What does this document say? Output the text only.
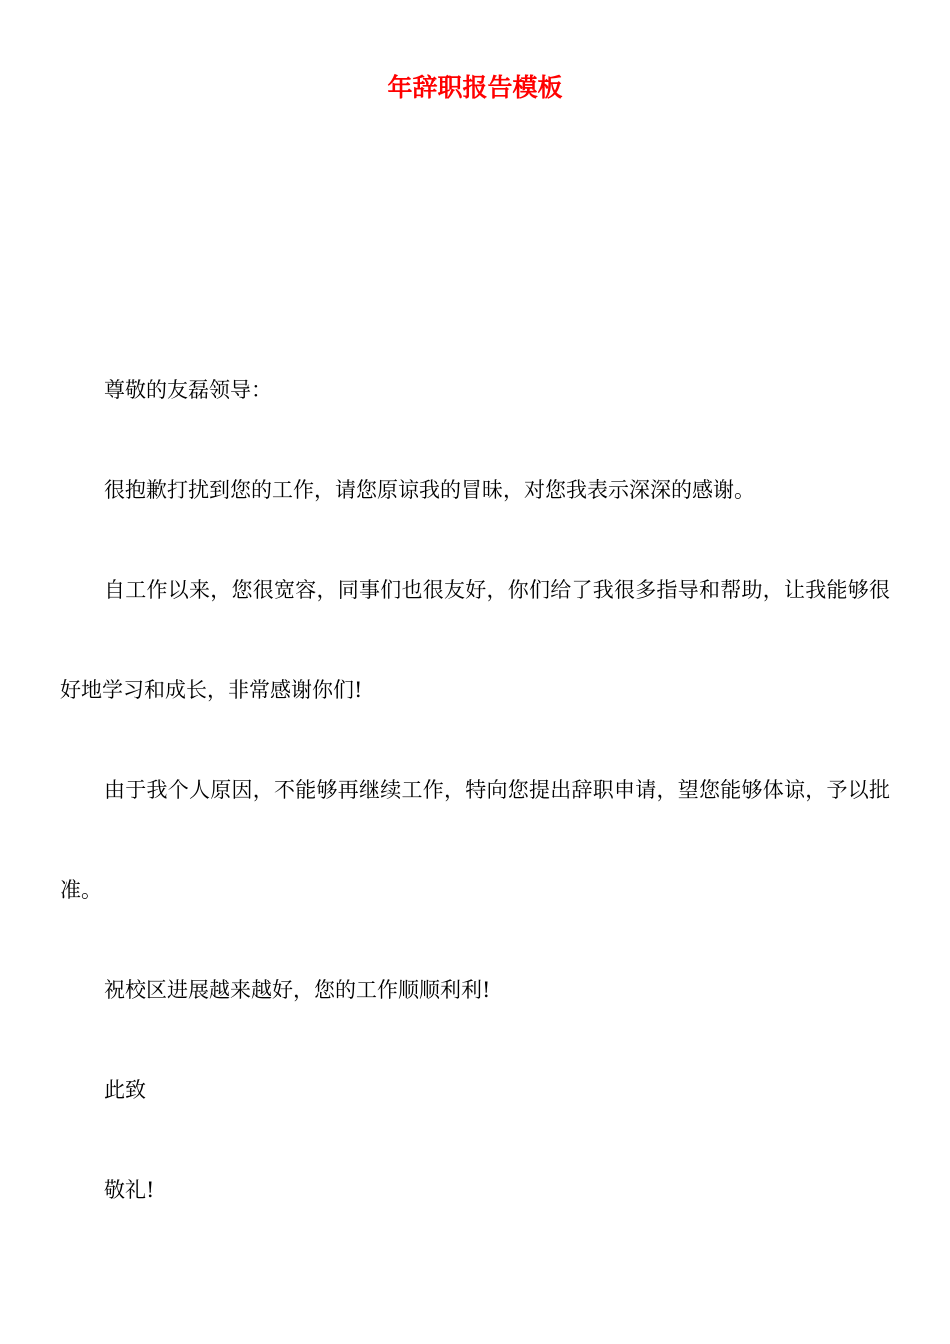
年辞职报告模板

尊敬的友磊领导：

很抱歉打扰到您的工作，请您原谅我的冒昧，对您我表示深深的感谢。

自工作以来，您很宽容，同事们也很友好，你们给了我很多指导和帮助，让我能够很好地学习和成长，非常感谢你们!

由于我个人原因，不能够再继续工作，特向您提出辞职申请，望您能够体谅，予以批准。

祝校区进展越来越好，您的工作顺顺利利!

此致

敬礼!
